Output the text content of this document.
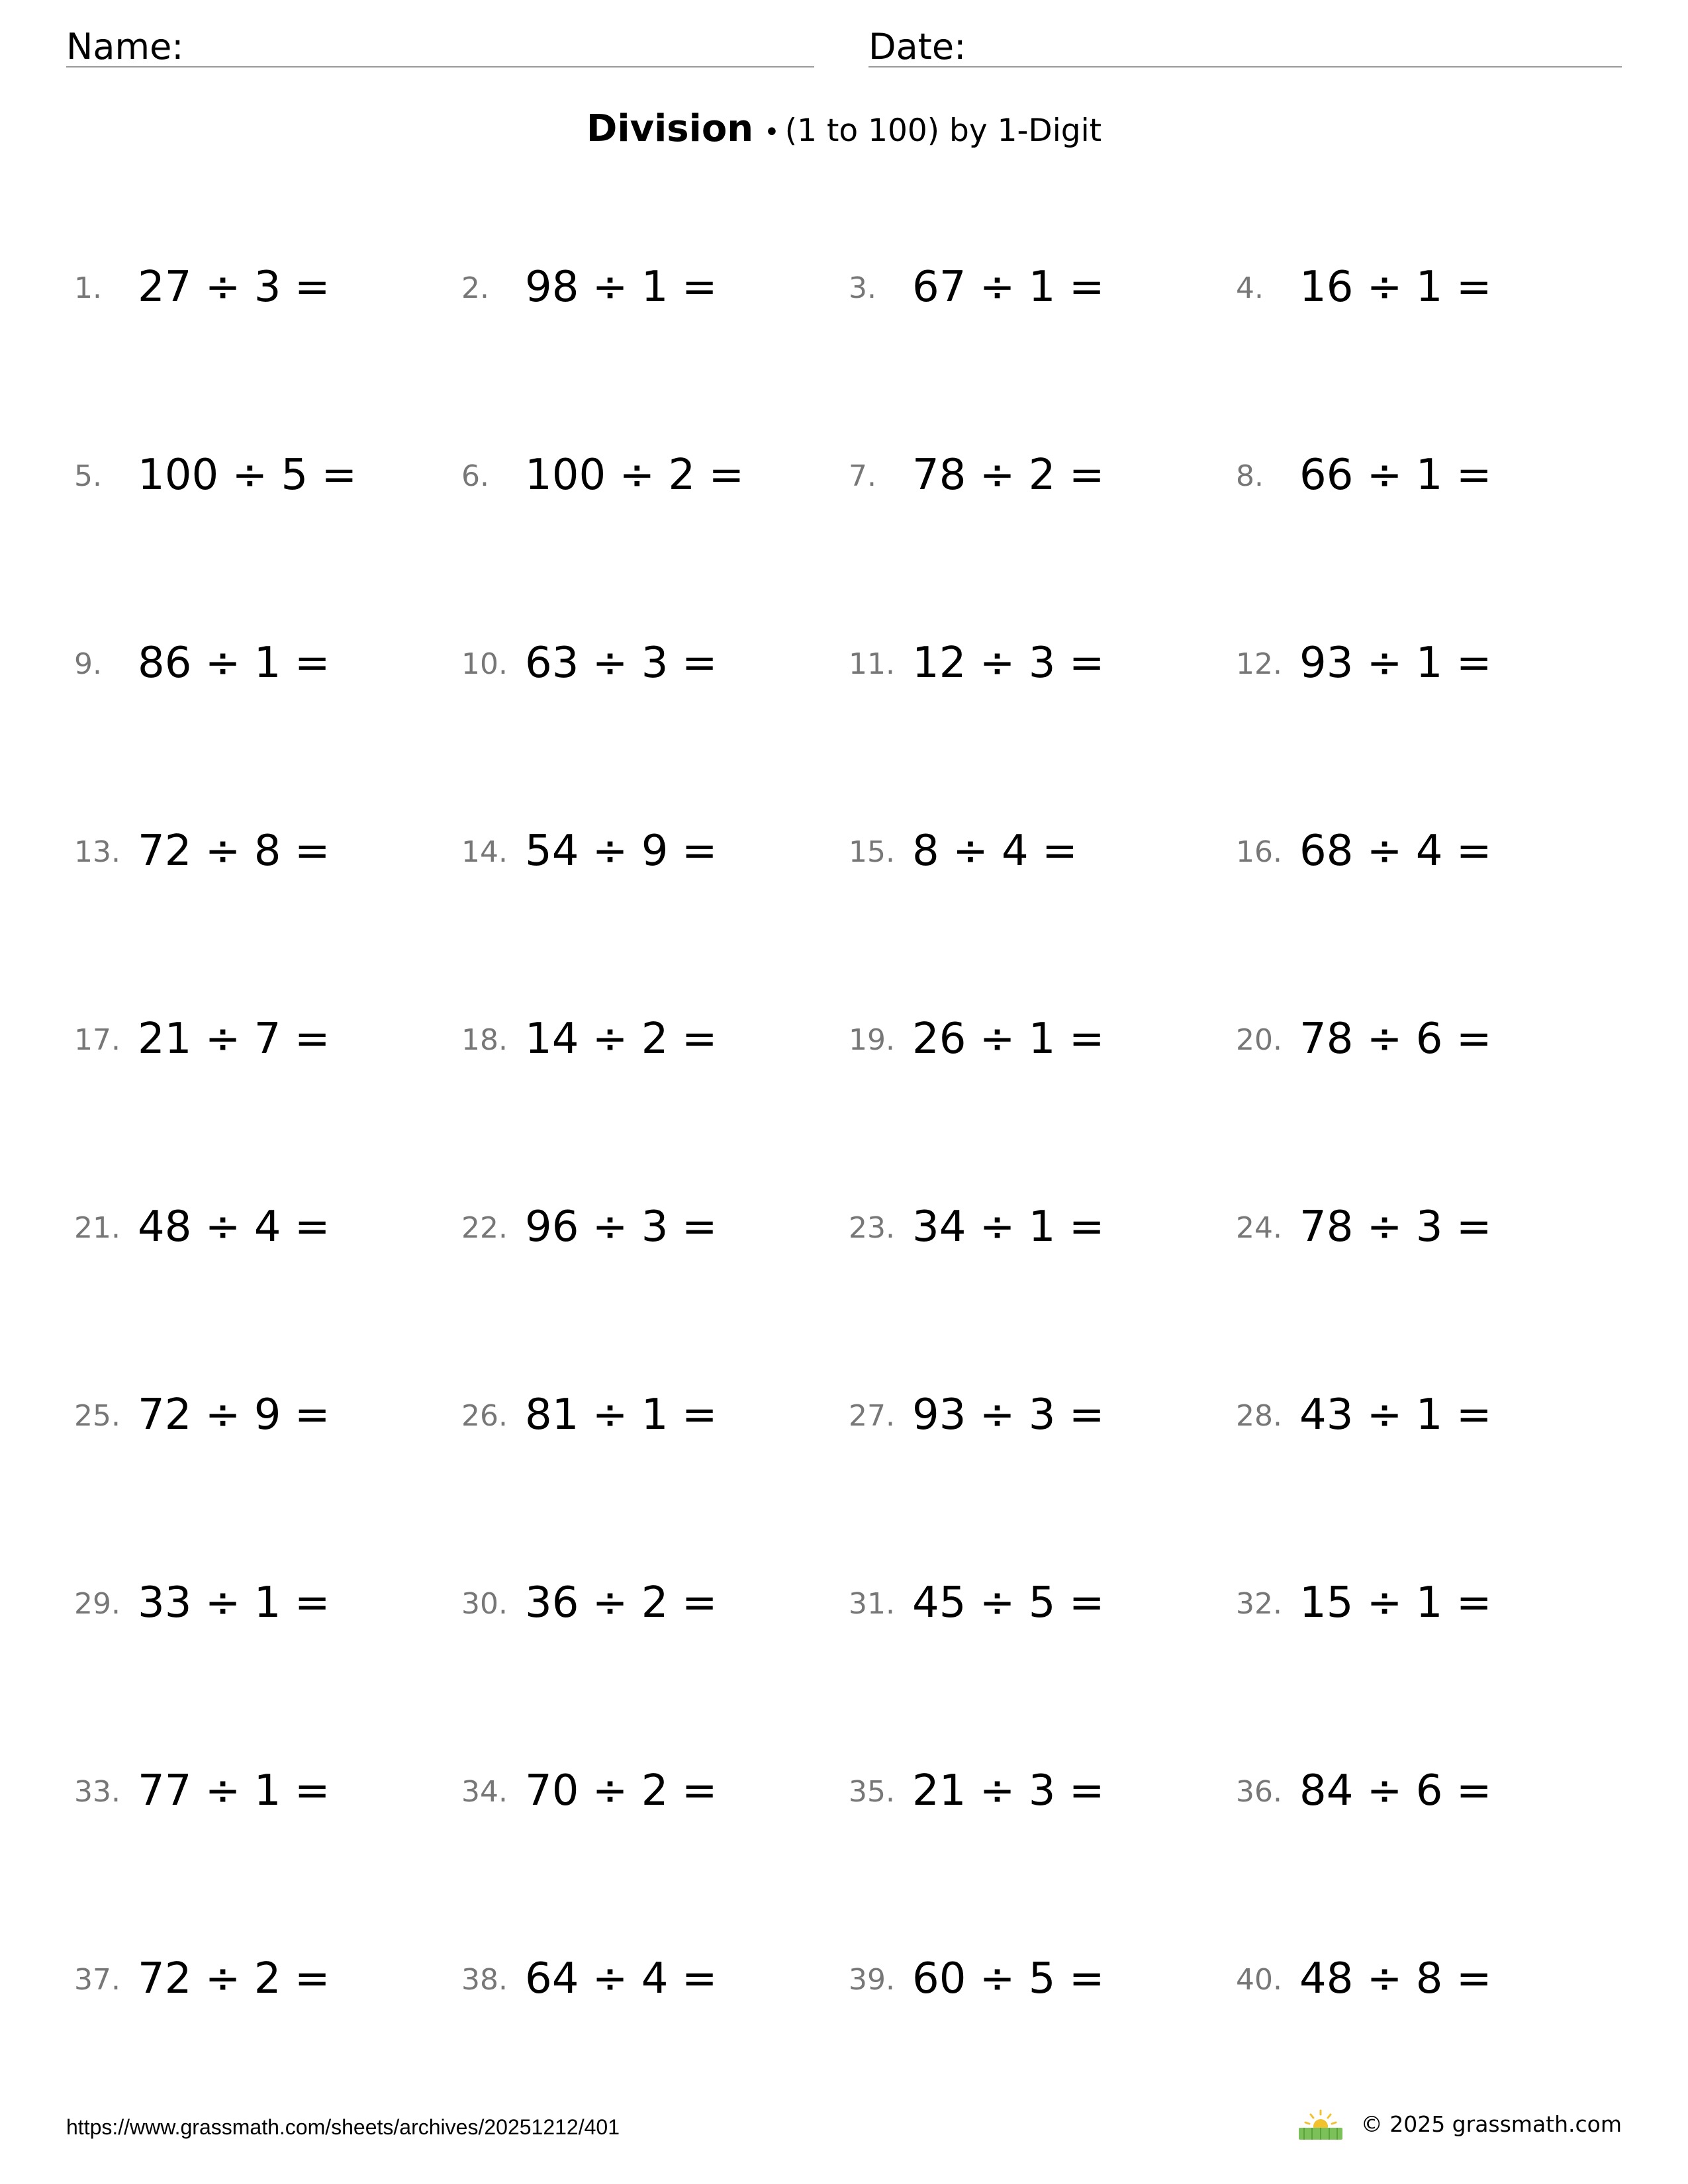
Name:	Date:
Division • (1 to 100) by 1-Digit
1. 27 ÷ 3 =	2. 98 ÷ 1 =	3. 67 ÷ 1 =	4. 16 ÷ 1 =
5. 100 ÷ 5 =	6. 100 ÷ 2 =	7. 78 ÷ 2 =	8. 66 ÷ 1 =
9. 86 ÷ 1 =	10. 63 ÷ 3 =	11. 12 ÷ 3 =	12. 93 ÷ 1 =
13. 72 ÷ 8 =	14. 54 ÷ 9 =	15. 8 ÷ 4 =	16. 68 ÷ 4 =
17. 21 ÷ 7 =	18. 14 ÷ 2 =	19. 26 ÷ 1 =	20. 78 ÷ 6 =
21. 48 ÷ 4 =	22. 96 ÷ 3 =	23. 34 ÷ 1 =	24. 78 ÷ 3 =
25. 72 ÷ 9 =	26. 81 ÷ 1 =	27. 93 ÷ 3 =	28. 43 ÷ 1 =
29. 33 ÷ 1 =	30. 36 ÷ 2 =	31. 45 ÷ 5 =	32. 15 ÷ 1 =
33. 77 ÷ 1 =	34. 70 ÷ 2 =	35. 21 ÷ 3 =	36. 84 ÷ 6 =
37. 72 ÷ 2 =	38. 64 ÷ 4 =	39. 60 ÷ 5 =	40. 48 ÷ 8 =
https://www.grassmath.com/sheets/archives/20251212/401	© 2025 grassmath.com
